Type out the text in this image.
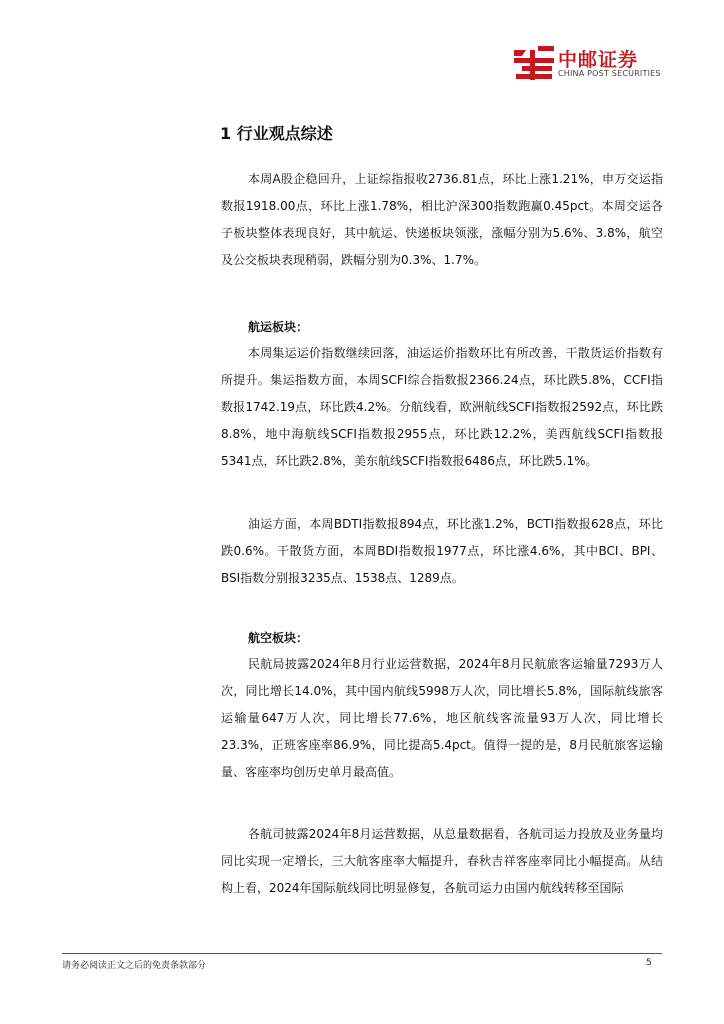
中邮证券
CHINA POST SECURITIES
1 行业观点综述

本周A股企稳回升，上证综指报收2736.81点，环比上涨1.21%，申万交运指数报1918.00点，环比上涨1.78%，相比沪深300指数跑赢0.45pct。本周交运各子板块整体表现良好，其中航运、快递板块领涨，涨幅分别为5.6%、3.8%，航空及公交板块表现稍弱，跌幅分别为0.3%、1.7%。

航运板块：

本周集运运价指数继续回落，油运运价指数环比有所改善，干散货运价指数有所提升。集运指数方面，本周SCFI综合指数报2366.24点，环比跌5.8%，CCFI指数报1742.19点，环比跌4.2%。分航线看，欧洲航线SCFI指数报2592点，环比跌8.8%，地中海航线SCFI指数报2955点，环比跌12.2%，美西航线SCFI指数报5341点，环比跌2.8%，美东航线SCFI指数报6486点，环比跌5.1%。

油运方面，本周BDTI指数报894点，环比涨1.2%，BCTI指数报628点，环比跌0.6%。干散货方面，本周BDI指数报1977点，环比涨4.6%，其中BCI、BPI、BSI指数分别报3235点、1538点、1289点。

航空板块：

民航局披露2024年8月行业运营数据，2024年8月民航旅客运输量7293万人次，同比增长14.0%，其中国内航线5998万人次，同比增长5.8%，国际航线旅客运输量647万人次，同比增长77.6%，地区航线客流量93万人次，同比增长23.3%，正班客座率86.9%，同比提高5.4pct。值得一提的是，8月民航旅客运输量、客座率均创历史单月最高值。

各航司披露2024年8月运营数据，从总量数据看，各航司运力投放及业务量均同比实现一定增长，三大航客座率大幅提升，春秋吉祥客座率同比小幅提高。从结构上看，2024年国际航线同比明显修复，各航司运力由国内航线转移至国际

请务必阅读正文之后的免责条款部分	5
